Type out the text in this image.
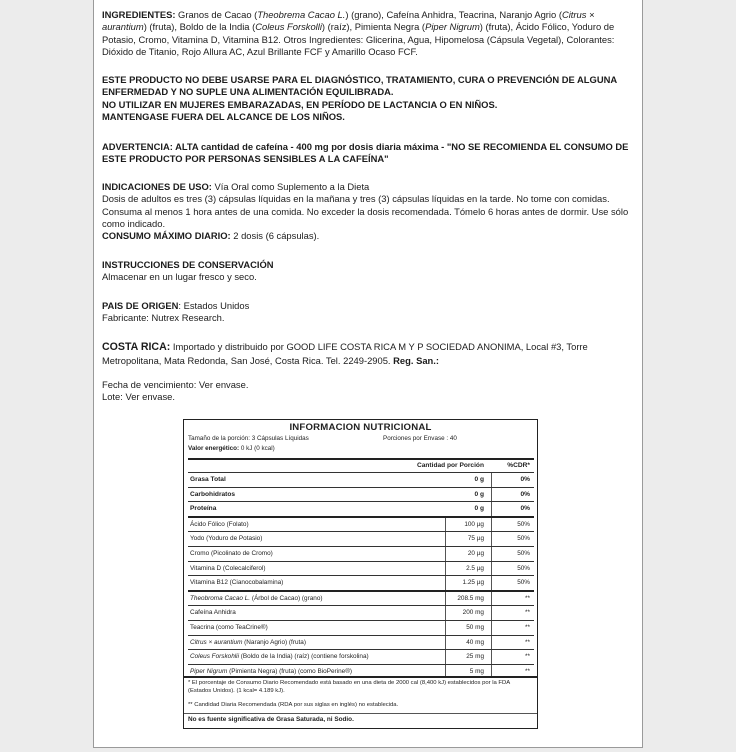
INGREDIENTES: Granos de Cacao (Theobrema Cacao L.) (grano), Cafeína Anhidra, Teacrina, Naranjo Agrio (Citrus × aurantium) (fruta), Boldo de la India (Coleus Forskolli) (raíz), Pimienta Negra (Piper Nigrum) (fruta), Ácido Fólico, Yoduro de Potasio, Cromo, Vitamina D, Vitamina B12. Otros Ingredientes: Glicerina, Agua, Hipomelosa (Cápsula Vegetal), Colorantes: Dióxido de Titanio, Rojo Allura AC, Azul Brillante FCF y Amarillo Ocaso FCF.

ESTE PRODUCTO NO DEBE USARSE PARA EL DIAGNÓSTICO, TRATAMIENTO, CURA O PREVENCIÓN DE ALGUNA ENFERMEDAD Y NO SUPLE UNA ALIMENTACIÓN EQUILIBRADA.

NO UTILIZAR EN MUJERES EMBARAZADAS, EN PERÍODO DE LACTANCIA O EN NIÑOS.

MANTENGASE FUERA DEL ALCANCE DE LOS NIÑOS.

ADVERTENCIA: ALTA cantidad de cafeína - 400 mg por dosis diaria máxima - "NO SE RECOMIENDA EL CONSUMO DE ESTE PRODUCTO POR PERSONAS SENSIBLES A LA CAFEÍNA"

INDICACIONES DE USO: Vía Oral como Suplemento a la Dieta

Dosis de adultos es tres (3) cápsulas líquidas en la mañana y tres (3) cápsulas líquidas en la tarde. No tome con comidas. Consuma al menos 1 hora antes de una comida. No exceder la dosis recomendada. Tómelo 6 horas antes de dormir. Use sólo como indicado.

CONSUMO MÁXIMO DIARIO: 2 dosis (6 cápsulas).

INSTRUCCIONES DE CONSERVACIÓN

Almacenar en un lugar fresco y seco.

PAIS DE ORIGEN: Estados Unidos

Fabricante: Nutrex Research.

COSTA RICA: Importado y distribuido por GOOD LIFE COSTA RICA M Y P SOCIEDAD ANONIMA, Local #3, Torre Metropolitana, Mata Redonda, San José, Costa Rica. Tel. 2249-2905. Reg. San.:

Fecha de vencimiento: Ver envase.

Lote: Ver envase.

INFORMACION NUTRICIONAL
Tamaño de la porción: 3 Cápsulas Líquidas	Porciones por Envase : 40
Valor energético: 0 kJ (0 kcal)
Cantidad por Porción	%CDR*
Grasa Total	0 g	0%
Carbohidratos	0 g	0%
Proteína	0 g	0%
Ácido Fólico (Folato)	100 µg	50%
Yodo (Yoduro de Potasio)	75 µg	50%
Cromo (Picolinato de Cromo)	20 µg	50%
Vitamina D (Colecalciferol)	2.5 µg	50%
Vitamina B12 (Cianocobalamina)	1.25 µg	50%
Theobroma Cacao L. (Árbol de Cacao) (grano)	208.5 mg	**
Cafeína Anhidra	200 mg	**
Teacrina (como TeaCrine®)	50 mg	**
Citrus × aurantium (Naranjo Agrio) (fruta)	40 mg	**
Coleus Forskohlii (Boldo de la India) (raíz) (contiene forskolina)	25 mg	**
Piper Nigrum (Pimienta Negra) (fruta) (como BioPerine®)	5 mg	**
* El porcentaje de Consumo Diario Recomendado está basado en una dieta de 2000 cal (8,400 kJ) establecidos por la FDA (Estados Unidos). (1 kcal= 4.189 kJ).
** Candidad Diaria Recomendada (RDA por sus siglas en inglés) no establecida.
No es fuente significativa de Grasa Saturada, ni Sodio.
